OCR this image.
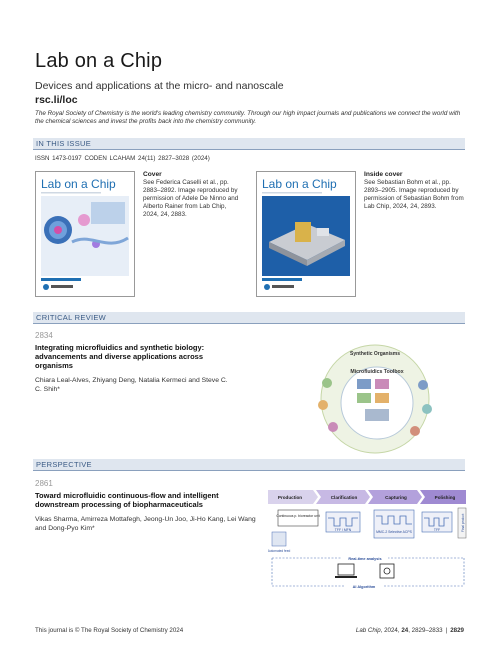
Lab on a Chip
Devices and applications at the micro- and nanoscale
rsc.li/loc
The Royal Society of Chemistry is the world's leading chemistry community. Through our high impact journals and publications we connect the world with the chemical sciences and invest the profits back into the chemistry community.
IN THIS ISSUE
ISSN 1473-0197 CODEN LCAHAM 24(11) 2827–3028 (2024)
Lab on a Chip
Cover
See Federica Caselli et al., pp. 2883–2892. Image reproduced by permission of Adele De Ninno and Alberto Rainer from Lab Chip, 2024, 24, 2883.
Lab on a Chip
Inside cover
See Sebastian Bohm et al., pp. 2893–2905. Image reproduced by permission of Sebastian Bohm from Lab Chip, 2024, 24, 2893.
CRITICAL REVIEW
2834
Integrating microfluidics and synthetic biology: advancements and diverse applications across organisms
Chiara Leal-Alves, Zhiyang Deng, Natalia Kermeci and Steve C. C. Shih*
Synthetic Organisms
Microfluidics Toolbox
PERSPECTIVE
2861
Toward microfluidic continuous-flow and intelligent downstream processing of biopharmaceuticals
Vikas Sharma, Amirreza Mottafegh, Jeong-Un Joo, Ji-Ho Kang, Lei Wang and Dong-Pyo Kim*
Production	Clarification	Capturing	Polishing
Continuous p. bioreactor unit
TFF / MFN	MMC-2 Selective ACPS	TFF	Final product
Automated feed
Real-time analysis
AI Algorithm
This journal is © The Royal Society of Chemistry 2024	Lab Chip, 2024, 24, 2829–2833 | 2829
